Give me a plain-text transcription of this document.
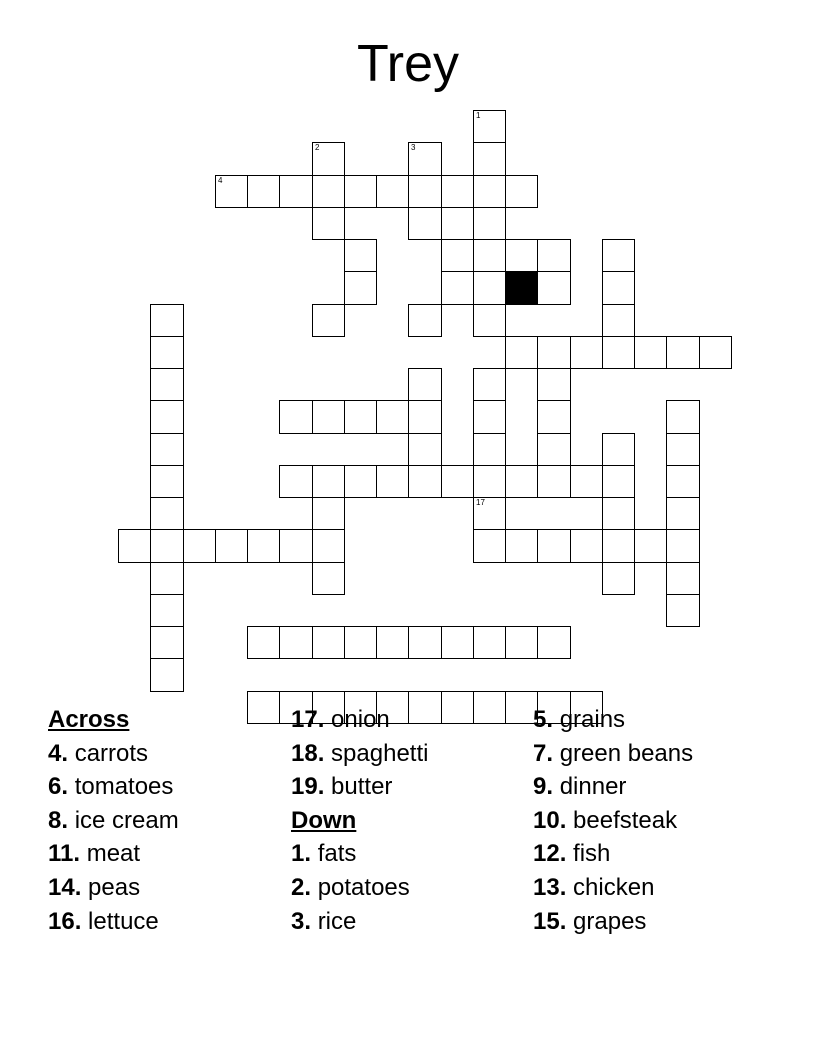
Trey
1
2	3
4
17
Across
4. carrots
6. tomatoes
8. ice cream
11. meat
14. peas
16. lettuce
17. onion
18. spaghetti
19. butter
Down
1. fats
2. potatoes
3. rice
5. grains
7. green beans
9. dinner
10. beefsteak
12. fish
13. chicken
15. grapes
